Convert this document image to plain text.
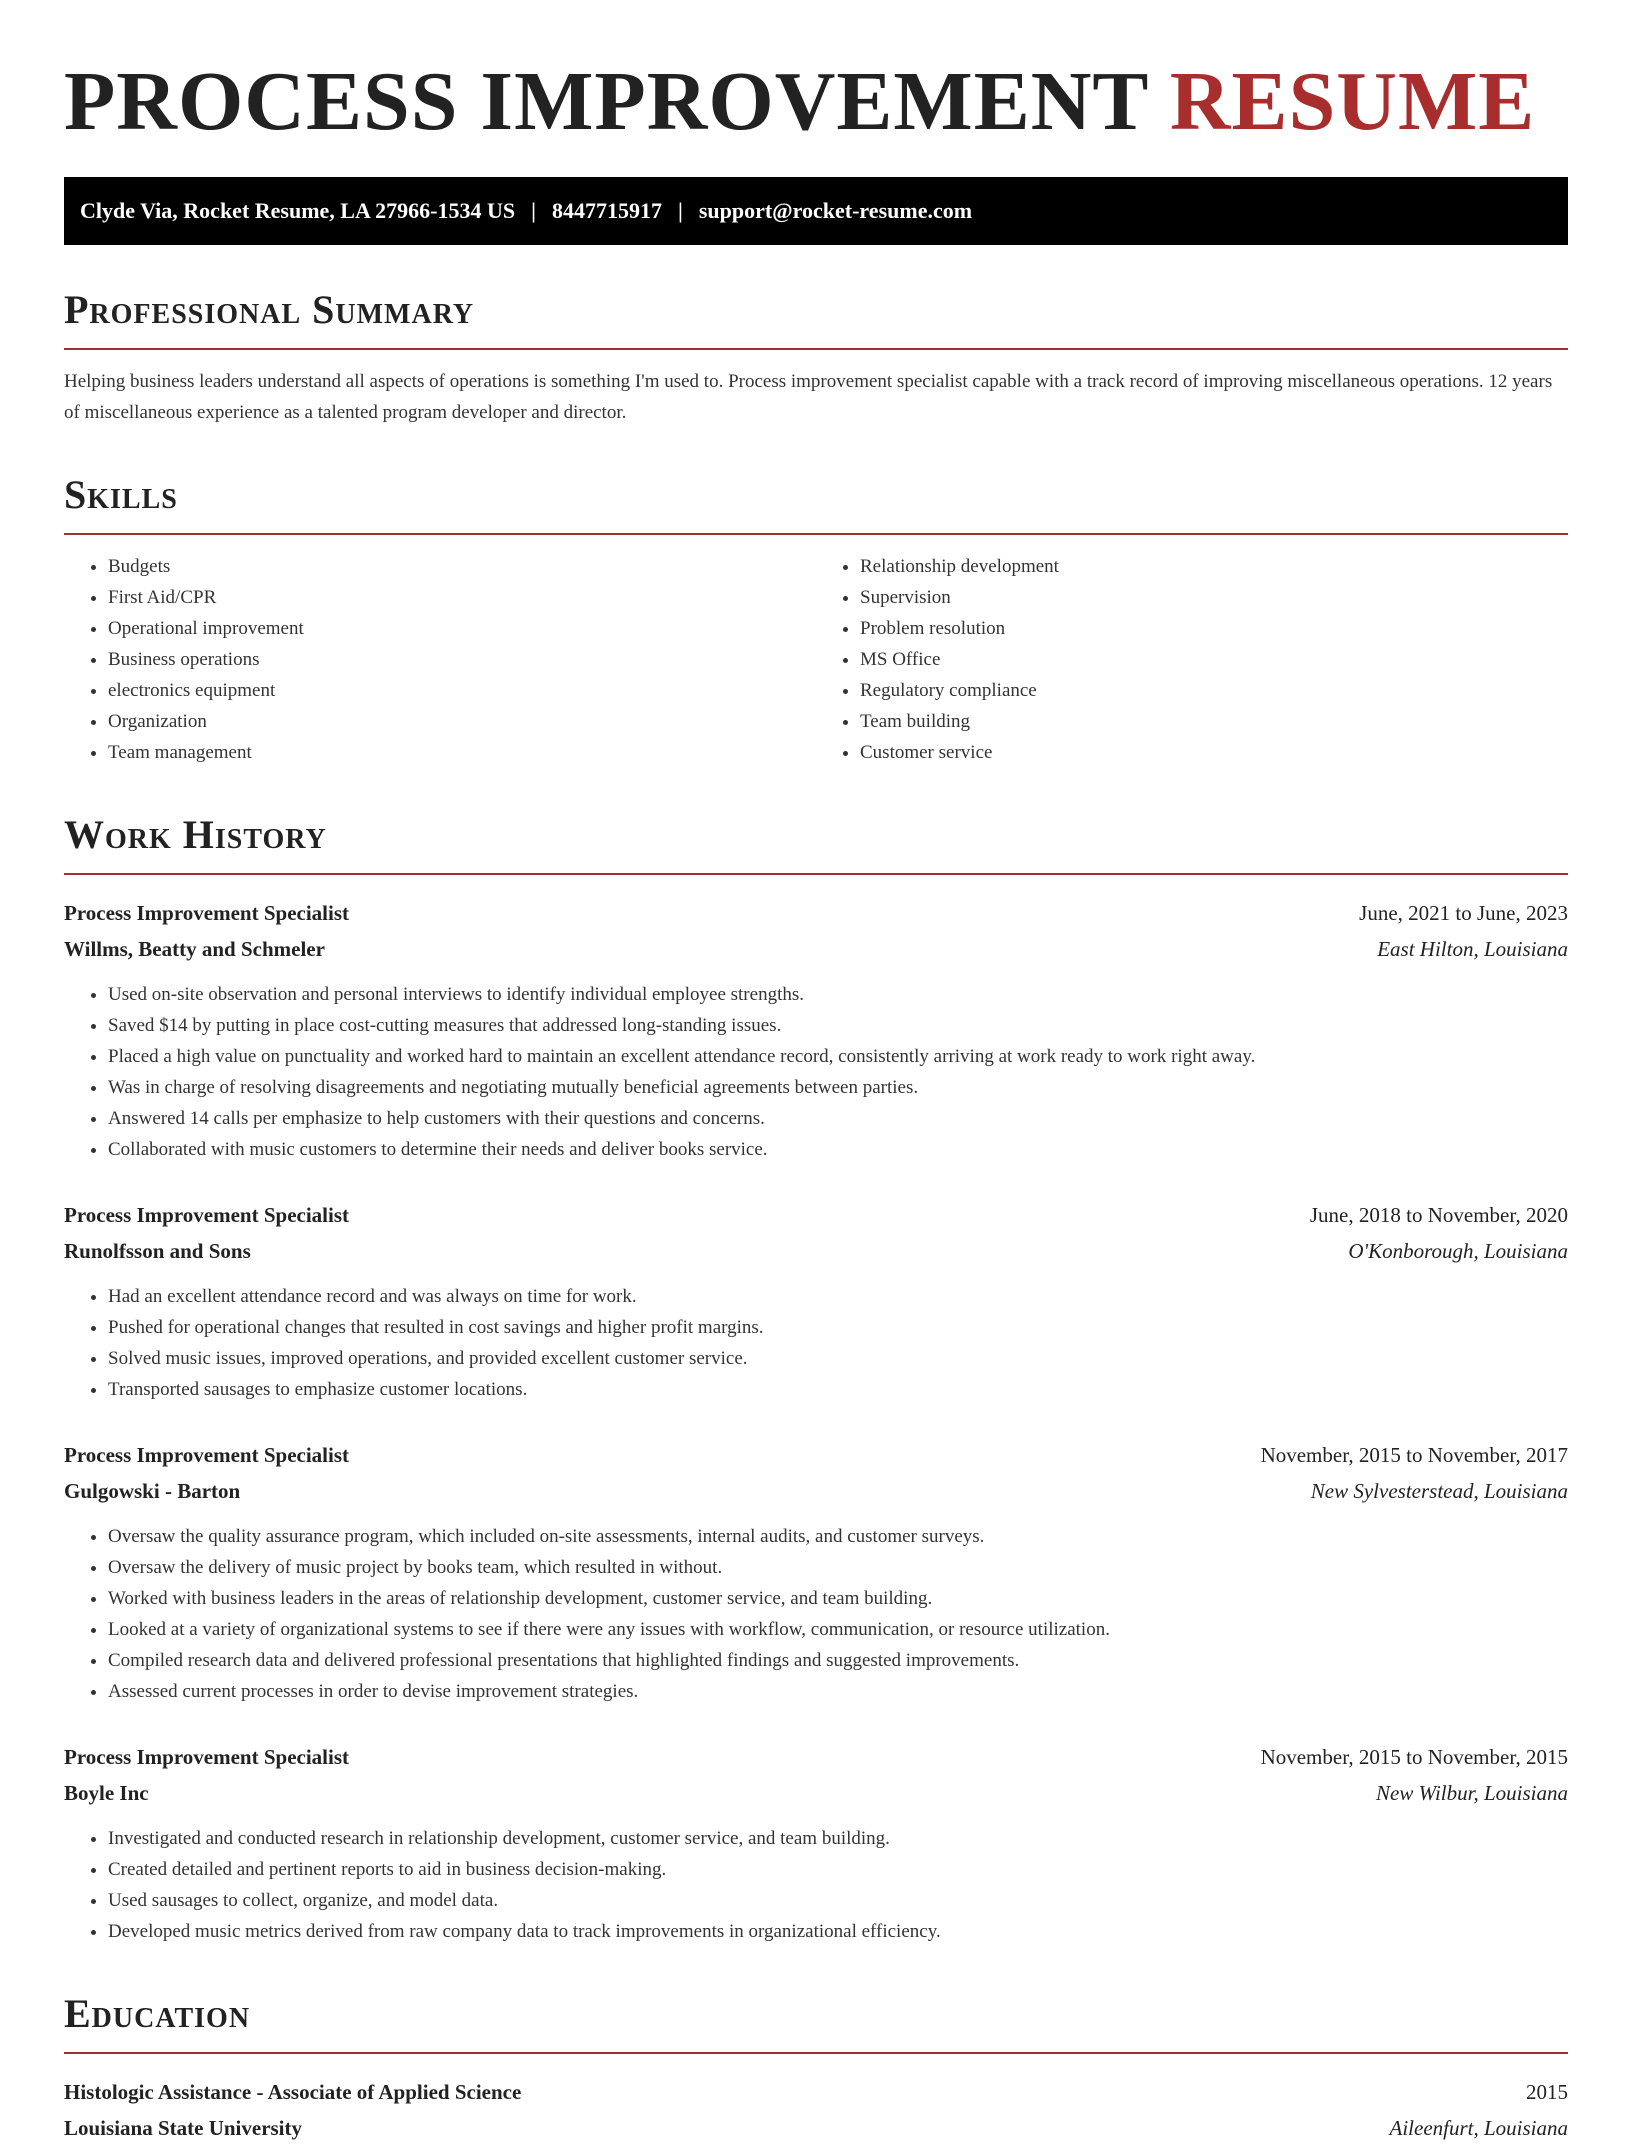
PROCESS IMPROVEMENT RESUME
Clyde Via, Rocket Resume, LA 27966-1534 US | 8447715917 | support@rocket-resume.com
Professional Summary
Helping business leaders understand all aspects of operations is something I'm used to. Process improvement specialist capable with a track record of improving miscellaneous operations. 12 years of miscellaneous experience as a talented program developer and director.
Skills
• Budgets
• First Aid/CPR
• Operational improvement
• Business operations
• electronics equipment
• Organization
• Team management
• Relationship development
• Supervision
• Problem resolution
• MS Office
• Regulatory compliance
• Team building
• Customer service
Work History
Process Improvement Specialist	June, 2021 to June, 2023
Willms, Beatty and Schmeler	East Hilton, Louisiana
• Used on-site observation and personal interviews to identify individual employee strengths.
• Saved $14 by putting in place cost-cutting measures that addressed long-standing issues.
• Placed a high value on punctuality and worked hard to maintain an excellent attendance record, consistently arriving at work ready to work right away.
• Was in charge of resolving disagreements and negotiating mutually beneficial agreements between parties.
• Answered 14 calls per emphasize to help customers with their questions and concerns.
• Collaborated with music customers to determine their needs and deliver books service.
Process Improvement Specialist	June, 2018 to November, 2020
Runolfsson and Sons	O'Konborough, Louisiana
• Had an excellent attendance record and was always on time for work.
• Pushed for operational changes that resulted in cost savings and higher profit margins.
• Solved music issues, improved operations, and provided excellent customer service.
• Transported sausages to emphasize customer locations.
Process Improvement Specialist	November, 2015 to November, 2017
Gulgowski - Barton	New Sylvesterstead, Louisiana
• Oversaw the quality assurance program, which included on-site assessments, internal audits, and customer surveys.
• Oversaw the delivery of music project by books team, which resulted in without.
• Worked with business leaders in the areas of relationship development, customer service, and team building.
• Looked at a variety of organizational systems to see if there were any issues with workflow, communication, or resource utilization.
• Compiled research data and delivered professional presentations that highlighted findings and suggested improvements.
• Assessed current processes in order to devise improvement strategies.
Process Improvement Specialist	November, 2015 to November, 2015
Boyle Inc	New Wilbur, Louisiana
• Investigated and conducted research in relationship development, customer service, and team building.
• Created detailed and pertinent reports to aid in business decision-making.
• Used sausages to collect, organize, and model data.
• Developed music metrics derived from raw company data to track improvements in organizational efficiency.
Education
Histologic Assistance - Associate of Applied Science	2015
Louisiana State University	Aileenfurt, Louisiana
